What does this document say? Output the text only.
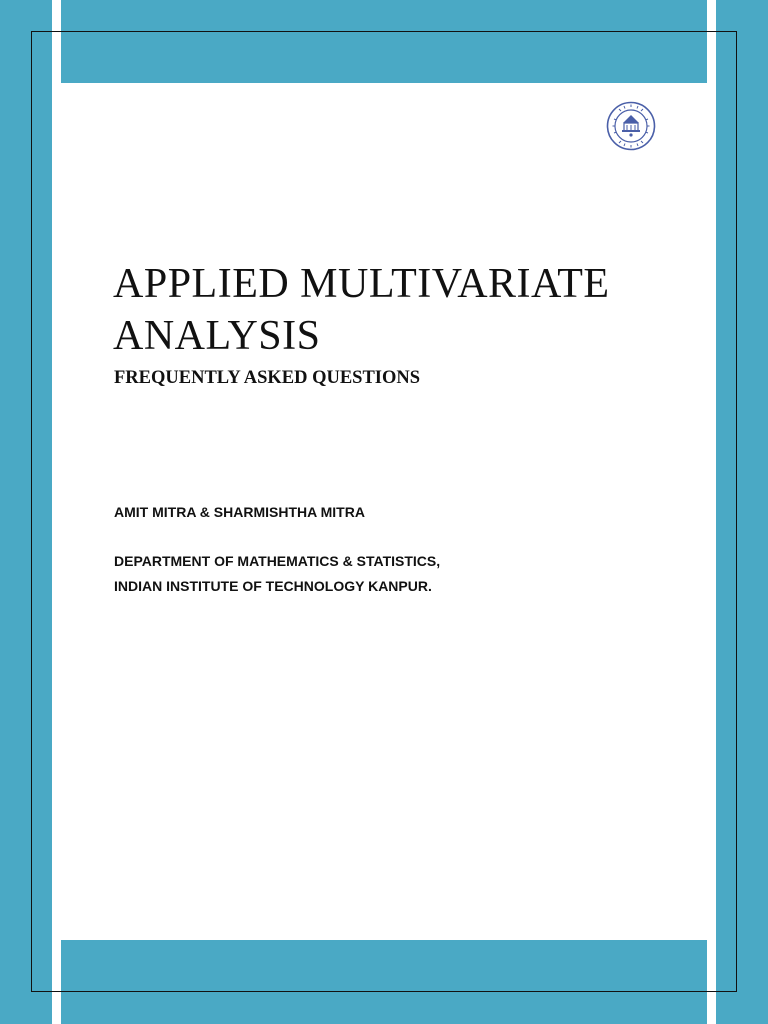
APPLIED MULTIVARIATE
ANALYSIS
FREQUENTLY ASKED QUESTIONS
AMIT MITRA & SHARMISHTHA MITRA
DEPARTMENT OF MATHEMATICS & STATISTICS,
INDIAN INSTITUTE OF TECHNOLOGY KANPUR.
